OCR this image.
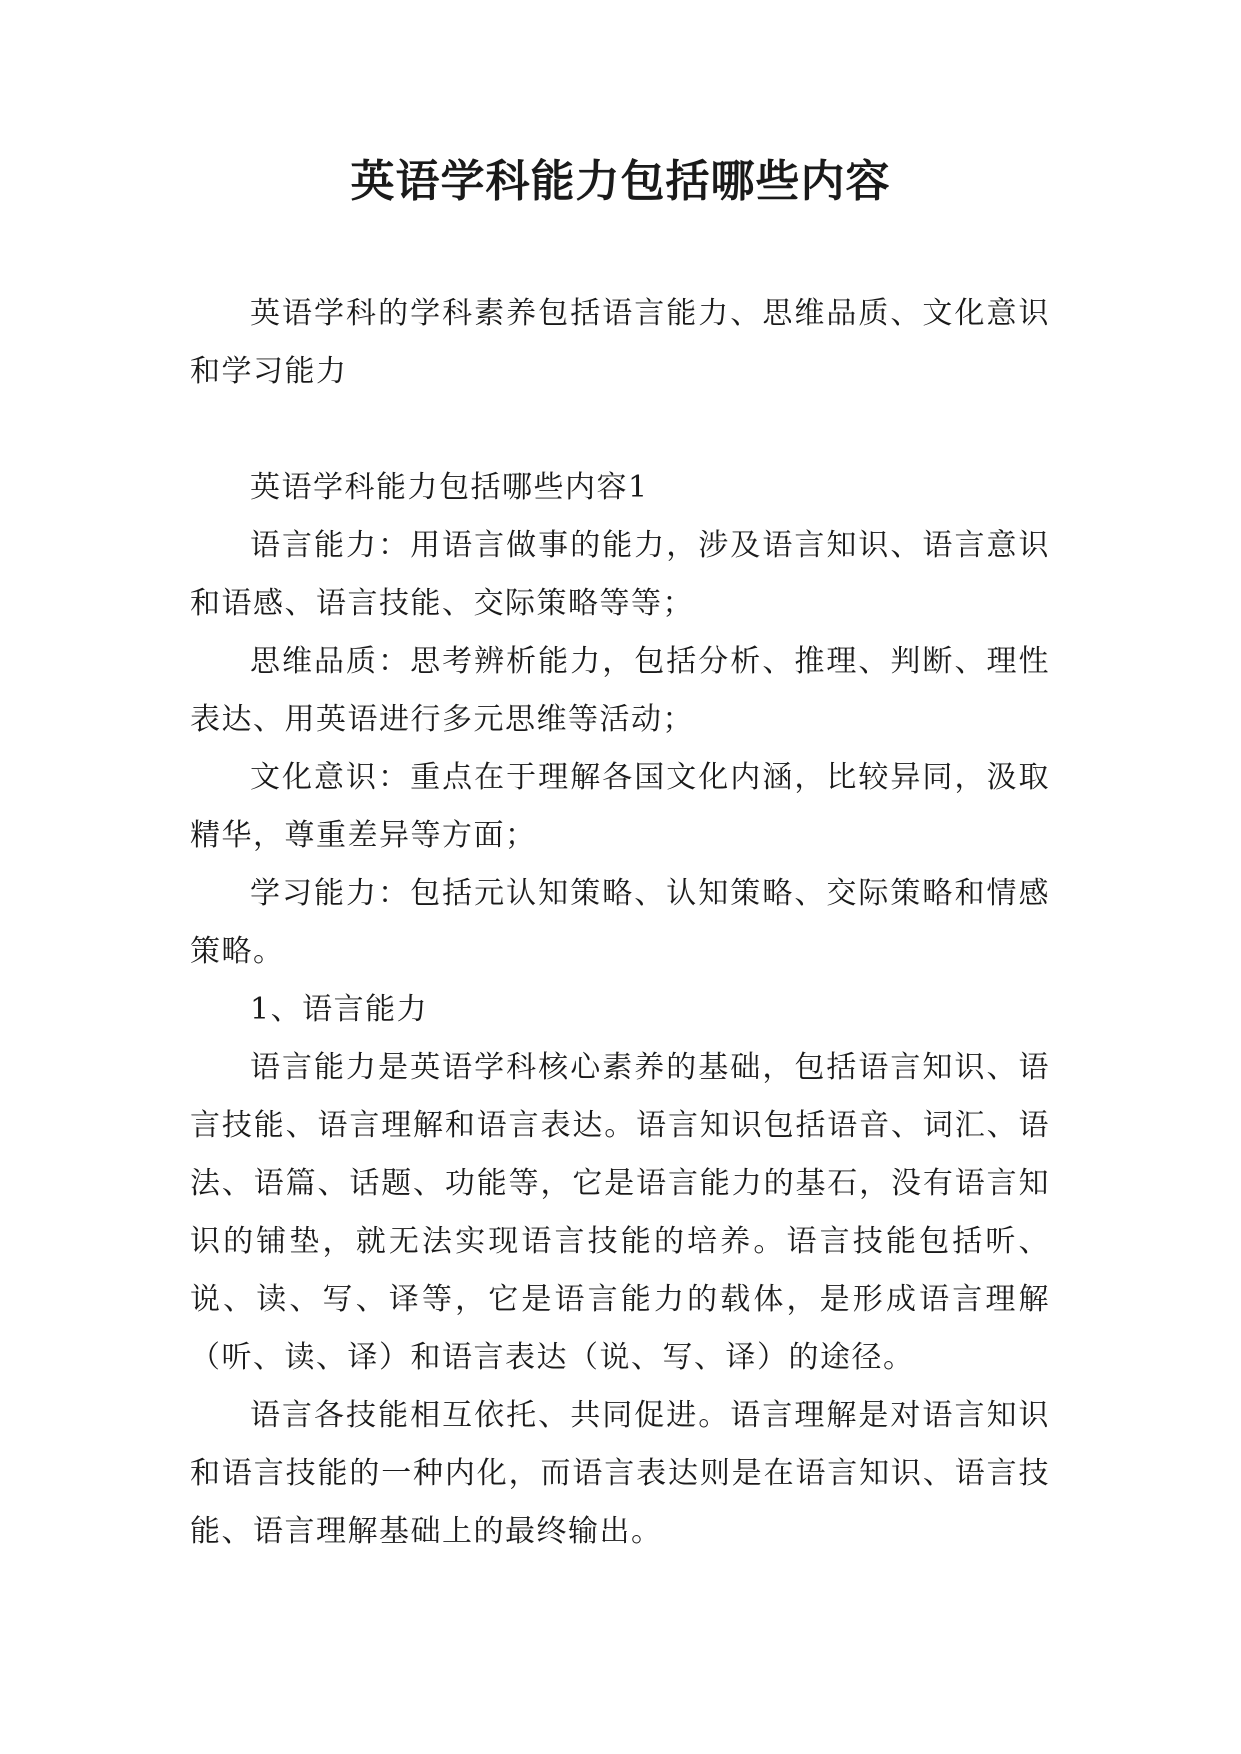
英语学科能力包括哪些内容

英语学科的学科素养包括语言能力、思维品质、文化意识和学习能力

英语学科能力包括哪些内容1

语言能力：用语言做事的能力，涉及语言知识、语言意识和语感、语言技能、交际策略等等；

思维品质：思考辨析能力，包括分析、推理、判断、理性表达、用英语进行多元思维等活动；

文化意识：重点在于理解各国文化内涵，比较异同，汲取精华，尊重差异等方面；

学习能力：包括元认知策略、认知策略、交际策略和情感策略。

1、语言能力

语言能力是英语学科核心素养的基础，包括语言知识、语言技能、语言理解和语言表达。语言知识包括语音、词汇、语法、语篇、话题、功能等，它是语言能力的基石，没有语言知识的铺垫，就无法实现语言技能的培养。语言技能包括听、说、读、写、译等，它是语言能力的载体，是形成语言理解（听、读、译）和语言表达（说、写、译）的途径。

语言各技能相互依托、共同促进。语言理解是对语言知识和语言技能的一种内化，而语言表达则是在语言知识、语言技能、语言理解基础上的最终输出。
